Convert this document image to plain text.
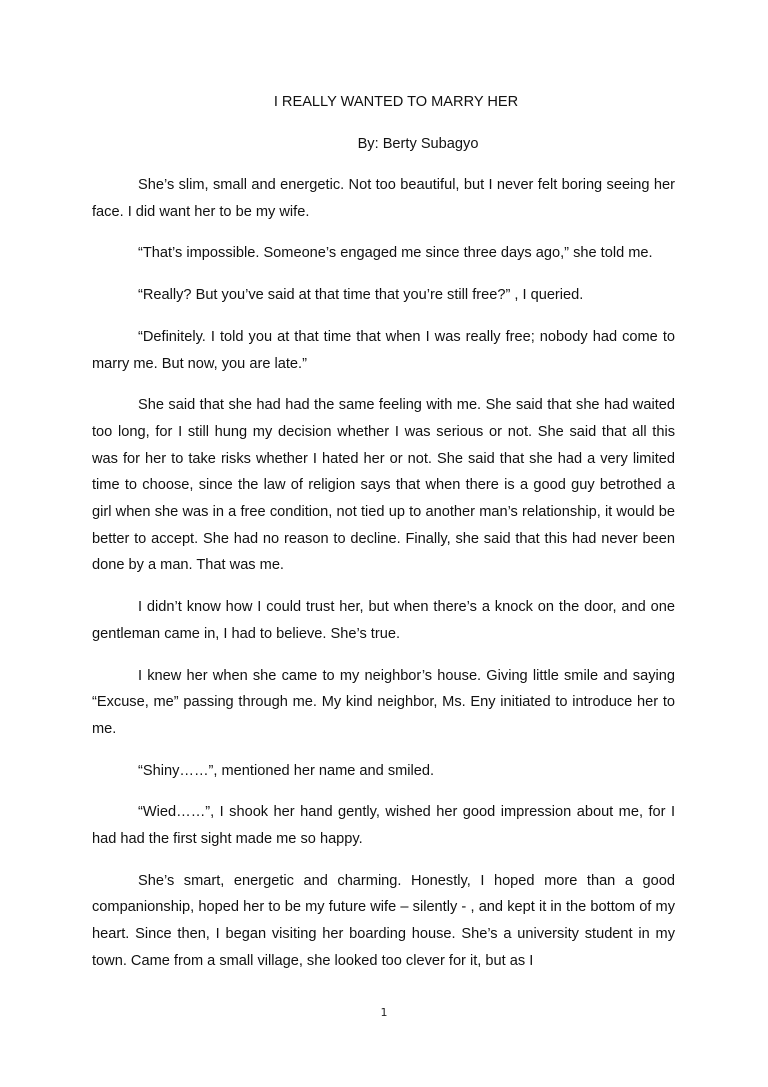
I REALLY WANTED TO MARRY HER
By: Berty Subagyo

She’s slim, small and energetic. Not too beautiful, but I never felt boring seeing her face. I did want her to be my wife.

“That’s impossible. Someone’s engaged me since three days ago,” she told me.

“Really? But you’ve said at that time that you’re still free?” , I queried.

“Definitely. I told you at that time that when I was really free; nobody had come to marry me. But now, you are late.”

She said that she had had the same feeling with me. She said that she had waited too long, for I still hung my decision whether I was serious or not. She said that all this was for her to take risks whether I hated her or not. She said that she had a very limited time to choose, since the law of religion says that when there is a good guy betrothed a girl when she was in a free condition, not tied up to another man’s relationship, it would be better to accept. She had no reason to decline. Finally, she said that this had never been done by a man. That was me.

I didn’t know how I could trust her, but when there’s a knock on the door, and one gentleman came in, I had to believe. She’s true.

I knew her when she came to my neighbor’s house. Giving little smile and saying “Excuse, me” passing through me. My kind neighbor, Ms. Eny initiated to introduce her to me.

“Shiny……”, mentioned her name and smiled.

“Wied……”, I shook her hand gently, wished her good impression about me, for I had had the first sight made me so happy.

She’s smart, energetic and charming. Honestly, I hoped more than a good companionship, hoped her to be my future wife – silently - , and kept it in the bottom of my heart. Since then, I began visiting her boarding house. She’s a university student in my town. Came from a small village, she looked too clever for it, but as I

1
